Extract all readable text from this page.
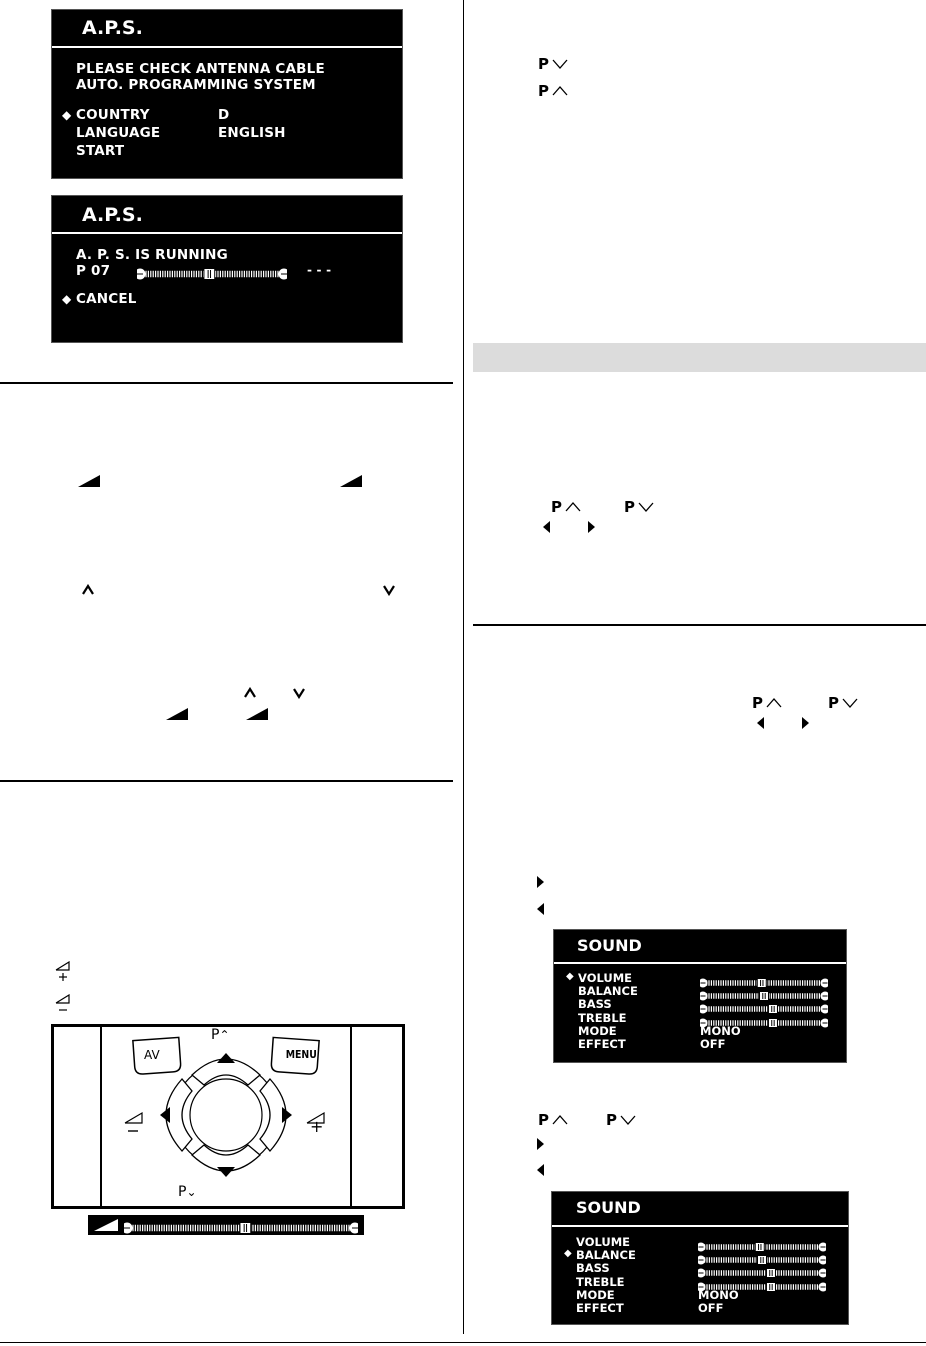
A.P.S.
PLEASE CHECK ANTENNA CABLE
AUTO. PROGRAMMING SYSTEM
◆ COUNTRY	D
LANGUAGE	ENGLISH
START
A.P.S.
A. P. S. IS RUNNING
P 07	- - -
◆ CANCEL
AV	MENU
P⌃
P⌄
+
P
P
P	P
P	P
SOUND
◆ VOLUME
BALANCE
BASS
TREBLE
MODE	MONO
EFFECT	OFF
P	P
SOUND
◆
VOLUME
BALANCE
BASS
TREBLE
MODE	MONO
EFFECT	OFF
